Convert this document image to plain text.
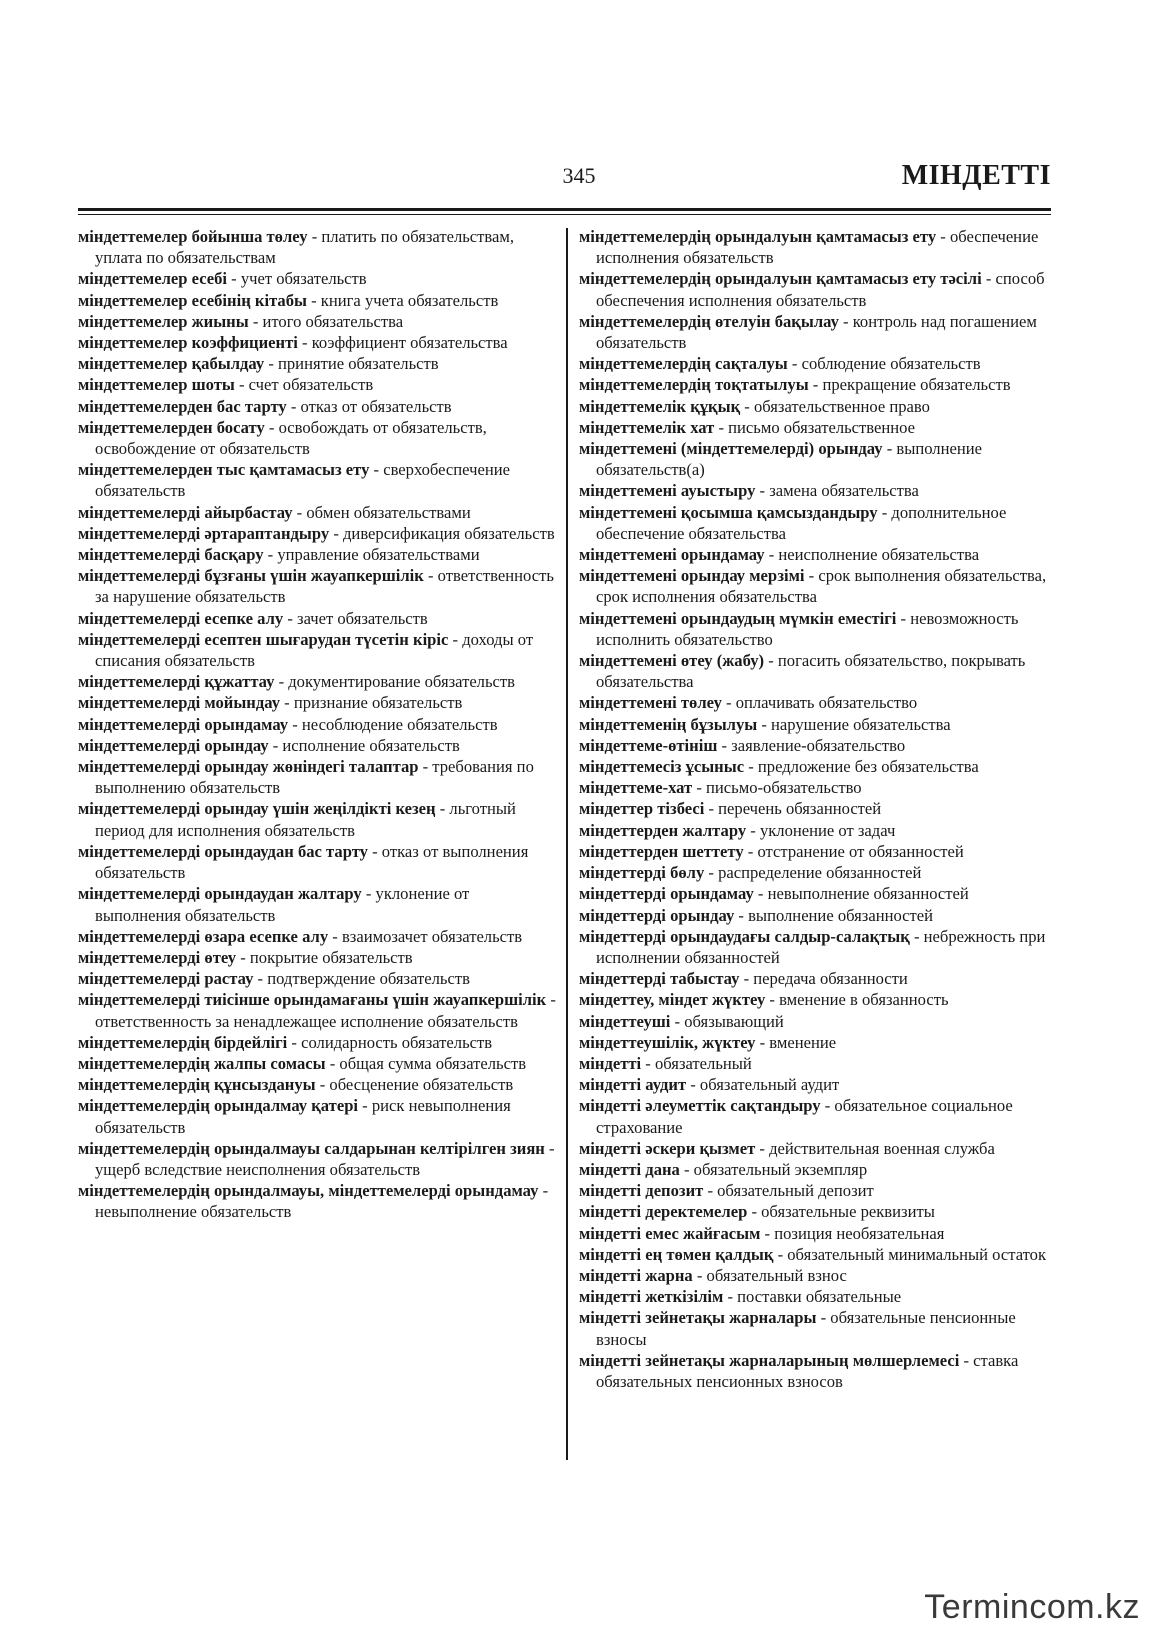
345	МІНДЕТТІ

міндеттемелер бойынша төлеу - платить по обязательствам, уплата по обязательствам

міндеттемелер есебі - учет обязательств

міндеттемелер есебінің кітабы - книга учета обязательств

міндеттемелер жиыны - итого обязательства

міндеттемелер коэффициенті - коэффициент обязательства

міндеттемелер қабылдау - принятие обязательств

міндеттемелер шоты - счет обязательств

міндеттемелерден бас тарту - отказ от обязательств

міндеттемелерден босату - освобождать от обязательств, освобождение от обязательств

міндеттемелерден тыс қамтамасыз ету - сверхобеспечение обязательств

міндеттемелерді айырбастау - обмен обязательствами

міндеттемелерді әртараптандыру - диверсификация обязательств

міндеттемелерді басқару - управление обязательствами

міндеттемелерді бұзғаны үшін жауапкершілік - ответственность за нарушение обязательств

міндеттемелерді есепке алу - зачет обязательств

міндеттемелерді есептен шығарудан түсетін кіріс - доходы от списания обязательств

міндеттемелерді құжаттау - документирование обязательств

міндеттемелерді мойындау - признание обязательств

міндеттемелерді орындамау - несоблюдение обязательств

міндеттемелерді орындау - исполнение обязательств

міндеттемелерді орындау жөніндегі талаптар - требования по выполнению обязательств

міндеттемелерді орындау үшін жеңілдікті кезең - льготный период для исполнения обязательств

міндеттемелерді орындаудан бас тарту - отказ от выполнения обязательств

міндеттемелерді орындаудан жалтару - уклонение от выполнения обязательств

міндеттемелерді өзара есепке алу - взаимозачет обязательств

міндеттемелерді өтеу - покрытие обязательств

міндеттемелерді растау - подтверждение обязательств

міндеттемелерді тиісінше орындамағаны үшін жауапкершілік - ответственность за ненадлежащее исполнение обязательств

міндеттемелердің бірдейлігі - солидарность обязательств

міндеттемелердің жалпы сомасы - общая сумма обязательств

міндеттемелердің құнсыздануы - обесценение обязательств

міндеттемелердің орындалмау қатері - риск невыполнения обязательств

міндеттемелердің орындалмауы салдарынан келтірілген зиян - ущерб вследствие неисполнения обязательств

міндеттемелердің орындалмауы, міндеттемелерді орындамау - невыполнение обязательств

міндеттемелердің орындалуын қамтамасыз ету - обеспечение исполнения обязательств

міндеттемелердің орындалуын қамтамасыз ету тәсілі - способ обеспечения исполнения обязательств

міндеттемелердің өтелуін бақылау - контроль над погашением обязательств

міндеттемелердің сақталуы - соблюдение обязательств

міндеттемелердің тоқтатылуы - прекращение обязательств

міндеттемелік құқық - обязательственное право

міндеттемелік хат - письмо обязательственное

міндеттемені (міндеттемелерді) орындау - выполнение обязательств(а)

міндеттемені ауыстыру - замена обязательства

міндеттемені қосымша қамсыздандыру - дополнительное обеспечение обязательства

міндеттемені орындамау - неисполнение обязательства

міндеттемені орындау мерзімі - срок выполнения обязательства, срок исполнения обязательства

міндеттемені орындаудың мүмкін еместігі - невозможность исполнить обязательство

міндеттемені өтеу (жабу) - погасить обязательство, покрывать обязательства

міндеттемені төлеу - оплачивать обязательство

міндеттеменің бұзылуы - нарушение обязательства

міндеттеме-өтініш - заявление-обязательство

міндеттемесіз ұсыныс - предложение без обязательства

міндеттеме-хат - письмо-обязательство

міндеттер тізбесі - перечень обязанностей

міндеттерден жалтару - уклонение от задач

міндеттерден шеттету - отстранение от обязанностей

міндеттерді бөлу - распределение обязанностей

міндеттерді орындамау - невыполнение обязанностей

міндеттерді орындау - выполнение обязанностей

міндеттерді орындаудағы салдыр-салақтық - небрежность при исполнении обязанностей

міндеттерді табыстау - передача обязанности

міндеттеу, міндет жүктеу - вменение в обязанность

міндеттеуші - обязывающий

міндеттеушілік, жүктеу - вменение

міндетті - обязательный

міндетті аудит - обязательный аудит

міндетті әлеуметтік сақтандыру - обязательное социальное страхование

міндетті әскери қызмет - действительная военная служба

міндетті дана - обязательный экземпляр

міндетті депозит - обязательный депозит

міндетті деректемелер - обязательные реквизиты

міндетті емес жайғасым - позиция необязательная

міндетті ең төмен қалдық - обязательный минимальный остаток

міндетті жарна - обязательный взнос

міндетті жеткізілім - поставки обязательные

міндетті зейнетақы жарналары - обязательные пенсионные взносы

міндетті зейнетақы жарналарының мөлшерлемесі - ставка обязательных пенсионных взносов

Termincom.kz
